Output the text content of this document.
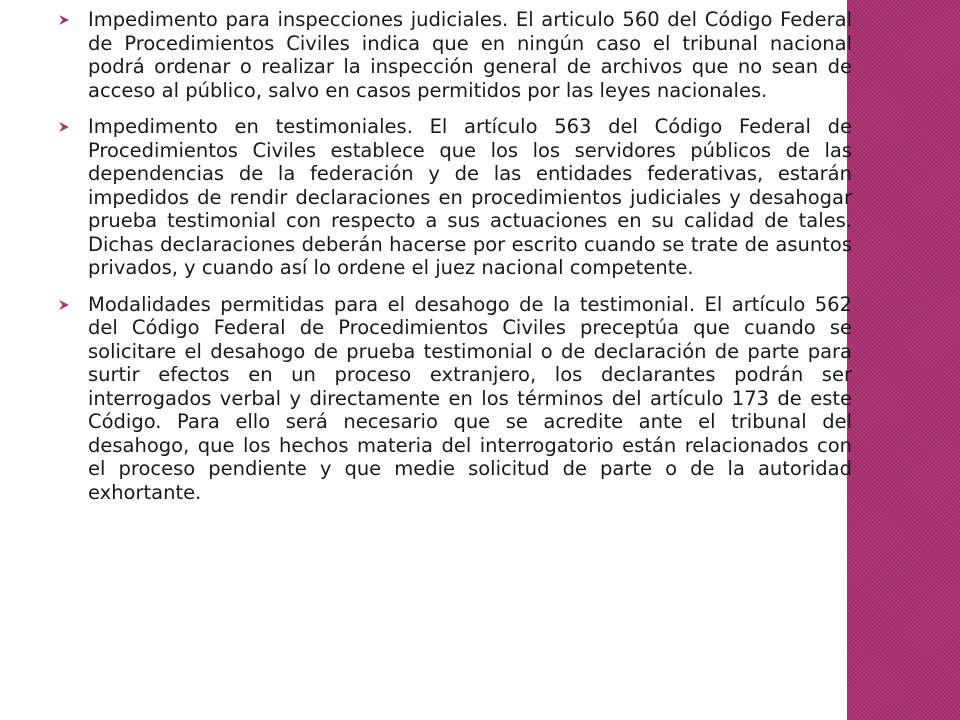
Impedimento para inspecciones judiciales. El articulo 560 del Código Federal de Procedimientos Civiles indica que en ningún caso el tribunal nacional podrá ordenar o realizar la inspección general de archivos que no sean de acceso al público, salvo en casos permitidos por las leyes nacionales.
Impedimento en testimoniales. El artículo 563 del Código Federal de Procedimientos Civiles establece que los los servidores públicos de las dependencias de la federación y de las entidades federativas, estarán impedidos de rendir declaraciones en procedimientos judiciales y desahogar prueba testimonial con respecto a sus actuaciones en su calidad de tales. Dichas declaraciones deberán hacerse por escrito cuando se trate de asuntos privados, y cuando así lo ordene el juez nacional competente.
Modalidades permitidas para el desahogo de la testimonial. El artículo 562 del Código Federal de Procedimientos Civiles preceptúa que cuando se solicitare el desahogo de prueba testimonial o de declaración de parte para surtir efectos en un proceso extranjero, los declarantes podrán ser interrogados verbal y directamente en los términos del artículo 173 de este Código. Para ello será necesario que se acredite ante el tribunal del desahogo, que los hechos materia del interrogatorio están relacionados con el proceso pendiente y que medie solicitud de parte o de la autoridad exhortante.
